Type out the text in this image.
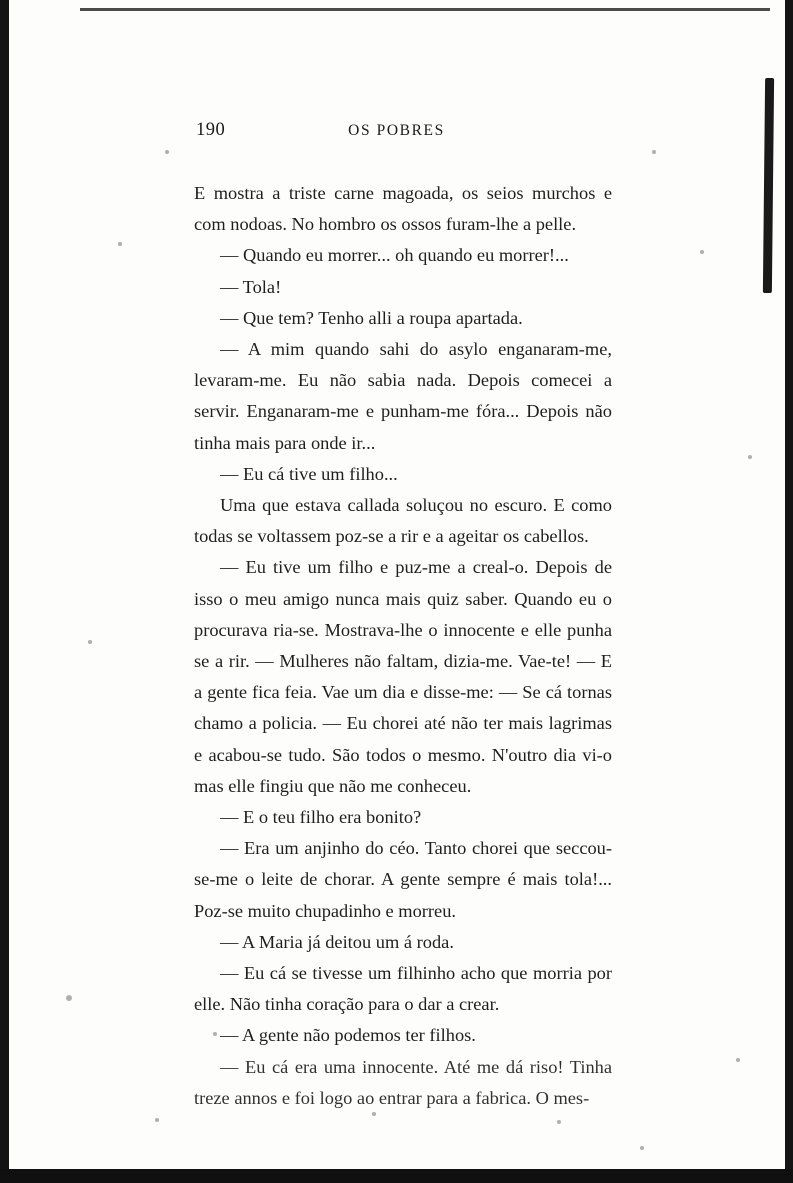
190	OS POBRES

E mostra a triste carne magoada, os seios murchos e com nodoas. No hombro os ossos furam-lhe a pelle.

— Quando eu morrer... oh quando eu morrer!...

— Tola!

— Que tem? Tenho alli a roupa apartada.

— A mim quando sahi do asylo enganaram-me, levaram-me. Eu não sabia nada. Depois comecei a servir. Enganaram-me e punham-me fóra... Depois não tinha mais para onde ir...

— Eu cá tive um filho...

Uma que estava callada soluçou no escuro. E como todas se voltassem poz-se a rir e a ageitar os cabellos.

— Eu tive um filho e puz-me a creal-o. Depois de isso o meu amigo nunca mais quiz saber. Quando eu o procurava ria-se. Mostrava-lhe o innocente e elle punha se a rir. — Mulheres não faltam, dizia-me. Vae-te! — E a gente fica feia. Vae um dia e disse-me: — Se cá tornas chamo a policia. — Eu chorei até não ter mais lagrimas e acabou-se tudo. São todos o mesmo. N'outro dia vi-o mas elle fingiu que não me conheceu.

— E o teu filho era bonito?

— Era um anjinho do céo. Tanto chorei que seccou-se-me o leite de chorar. A gente sempre é mais tola!... Poz-se muito chupadinho e morreu.

— A Maria já deitou um á roda.

— Eu cá se tivesse um filhinho acho que morria por elle. Não tinha coração para o dar a crear.

— A gente não podemos ter filhos.

— Eu cá era uma innocente. Até me dá riso! Tinha treze annos e foi logo ao entrar para a fabrica. O mes-
